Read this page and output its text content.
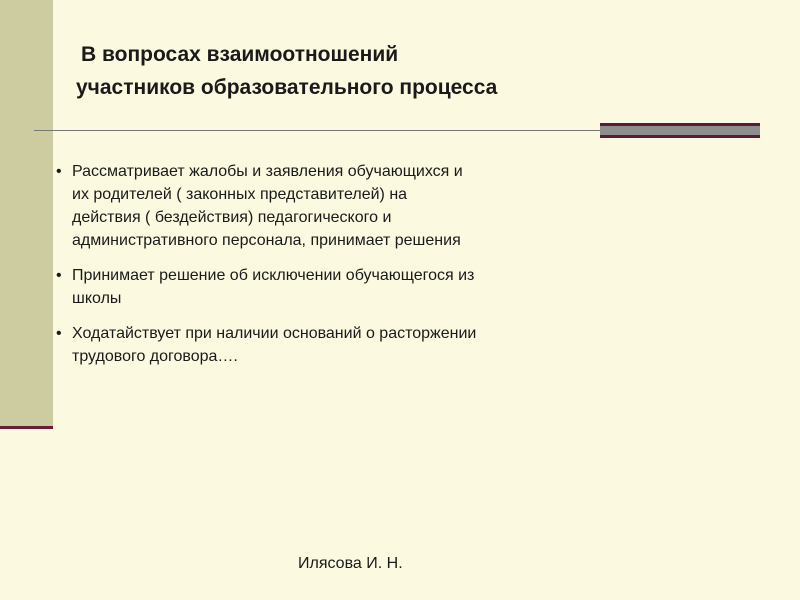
В вопросах взаимоотношений
участников образовательного процесса
• Рассматривает жалобы и заявления обучающихся и
их родителей ( законных представителей) на
действия ( бездействия) педагогического и
административного персонала, принимает решения
• Принимает решение об исключении обучающегося из
школы
• Ходатайствует при наличии оснований о расторжении
трудового договора….
Илясова И. Н.
